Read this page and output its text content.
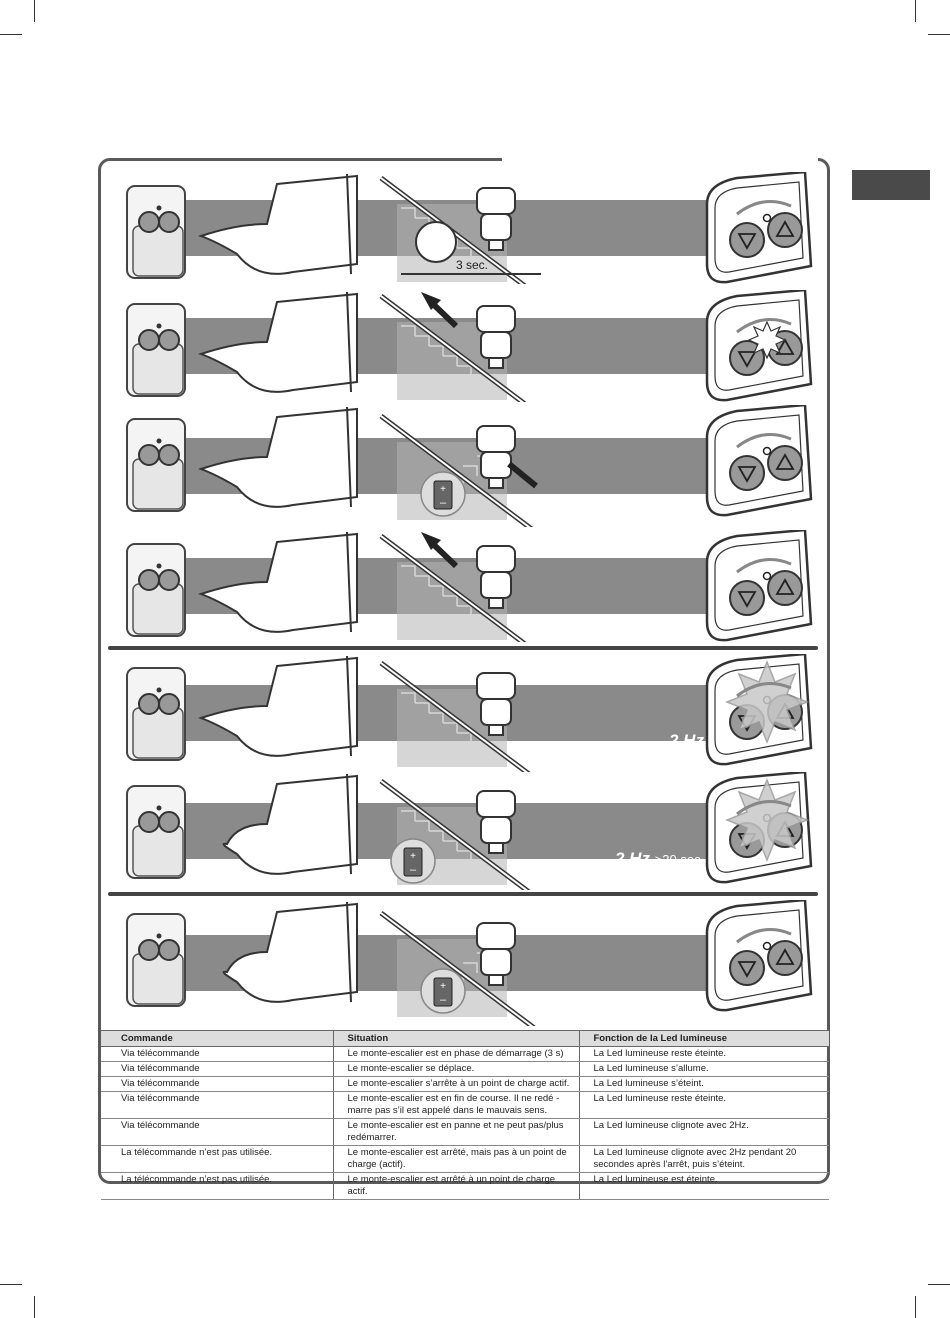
3 sec.
+
–
2 Hz
+
–
2 Hz >20 sec.
+
–
Commande	Situation	Fonction de la Led lumineuse
Via télécommande	Le monte-escalier est en phase de démarrage (3 s)	La Led lumineuse reste éteinte.
Via télécommande	Le monte-escalier se déplace.	La Led lumineuse s’allume.
Via télécommande	Le monte-escalier s’arrête à un point de charge actif.	La Led lumineuse s’éteint.
Via télécommande	Le monte-escalier est en fin de course. Il ne redé - marre pas s’il est appelé dans le mauvais sens.	La Led lumineuse reste éteinte.
Via télécommande	Le monte-escalier est en panne et ne peut pas/plus redémarrer.	La Led lumineuse clignote avec 2Hz.
La télécommande n’est pas utilisée.	Le monte-escalier est arrêté, mais pas à un point de charge (actif).	La Led lumineuse clignote avec 2Hz pendant 20 secondes après l’arrêt, puis s’éteint.
La télécommande n’est pas utilisée.	Le monte-escalier est arrêté à un point de charge actif.	La Led lumineuse est éteinte.
